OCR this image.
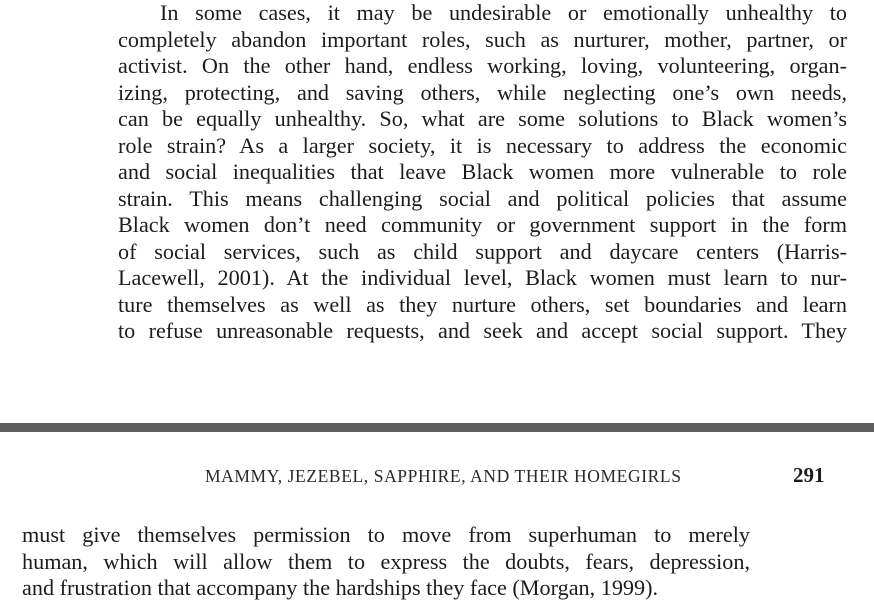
In some cases, it may be undesirable or emotionally unhealthy to
completely abandon important roles, such as nurturer, mother, partner, or
activist. On the other hand, endless working, loving, volunteering, organ-
izing, protecting, and saving others, while neglecting one’s own needs,
can be equally unhealthy. So, what are some solutions to Black women’s
role strain? As a larger society, it is necessary to address the economic
and social inequalities that leave Black women more vulnerable to role
strain. This means challenging social and political policies that assume
Black women don’t need community or government support in the form
of social services, such as child support and daycare centers (Harris-
Lacewell, 2001). At the individual level, Black women must learn to nur-
ture themselves as well as they nurture others, set boundaries and learn
to refuse unreasonable requests, and seek and accept social support. They
MAMMY, JEZEBEL, SAPPHIRE, AND THEIR HOMEGIRLS	291
must give themselves permission to move from superhuman to merely
human, which will allow them to express the doubts, fears, depression,
and frustration that accompany the hardships they face (Morgan, 1999).
